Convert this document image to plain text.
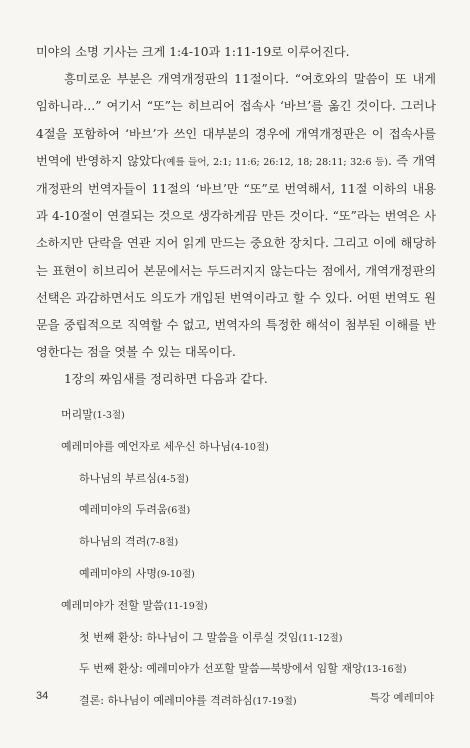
미야의 소명 기사는 크게 1:4-10과 1:11-19로 이루어진다.

흥미로운 부분은 개역개정판의 11절이다. “여호와의 말씀이 또 내게 임하니라…” 여기서 “또”는 히브리어 접속사 ‘바브’를 옮긴 것이다. 그러나 4절을 포함하여 ‘바브’가 쓰인 대부분의 경우에 개역개정판은 이 접속사를 번역에 반영하지 않았다(예를 들어, 2:1; 11:6; 26:12, 18; 28:11; 32:6 등). 즉 개역개정판의 번역자들이 11절의 ‘바브’만 “또”로 번역해서, 11절 이하의 내용과 4-10절이 연결되는 것으로 생각하게끔 만든 것이다. “또”라는 번역은 사소하지만 단락을 연관 지어 읽게 만드는 중요한 장치다. 그리고 이에 해당하는 표현이 히브리어 본문에서는 두드러지지 않는다는 점에서, 개역개정판의 선택은 과감하면서도 의도가 개입된 번역이라고 할 수 있다. 어떤 번역도 원문을 중립적으로 직역할 수 없고, 번역자의 특정한 해석이 첨부된 이해를 반영한다는 점을 엿볼 수 있는 대목이다.

1장의 짜임새를 정리하면 다음과 같다.

머리말(1-3절)
예레미야를 예언자로 세우신 하나님(4-10절)
하나님의 부르심(4-5절)
예레미야의 두려움(6절)
하나님의 격려(7-8절)
예레미야의 사명(9-10절)
예레미야가 전할 말씀(11-19절)
첫 번째 환상: 하나님이 그 말씀을 이루실 것임(11-12절)
두 번째 환상: 예레미야가 선포할 말씀—북방에서 임할 재앙(13-16절)
결론: 하나님이 예레미야를 격려하심(17-19절)
34	특강 예레미야
